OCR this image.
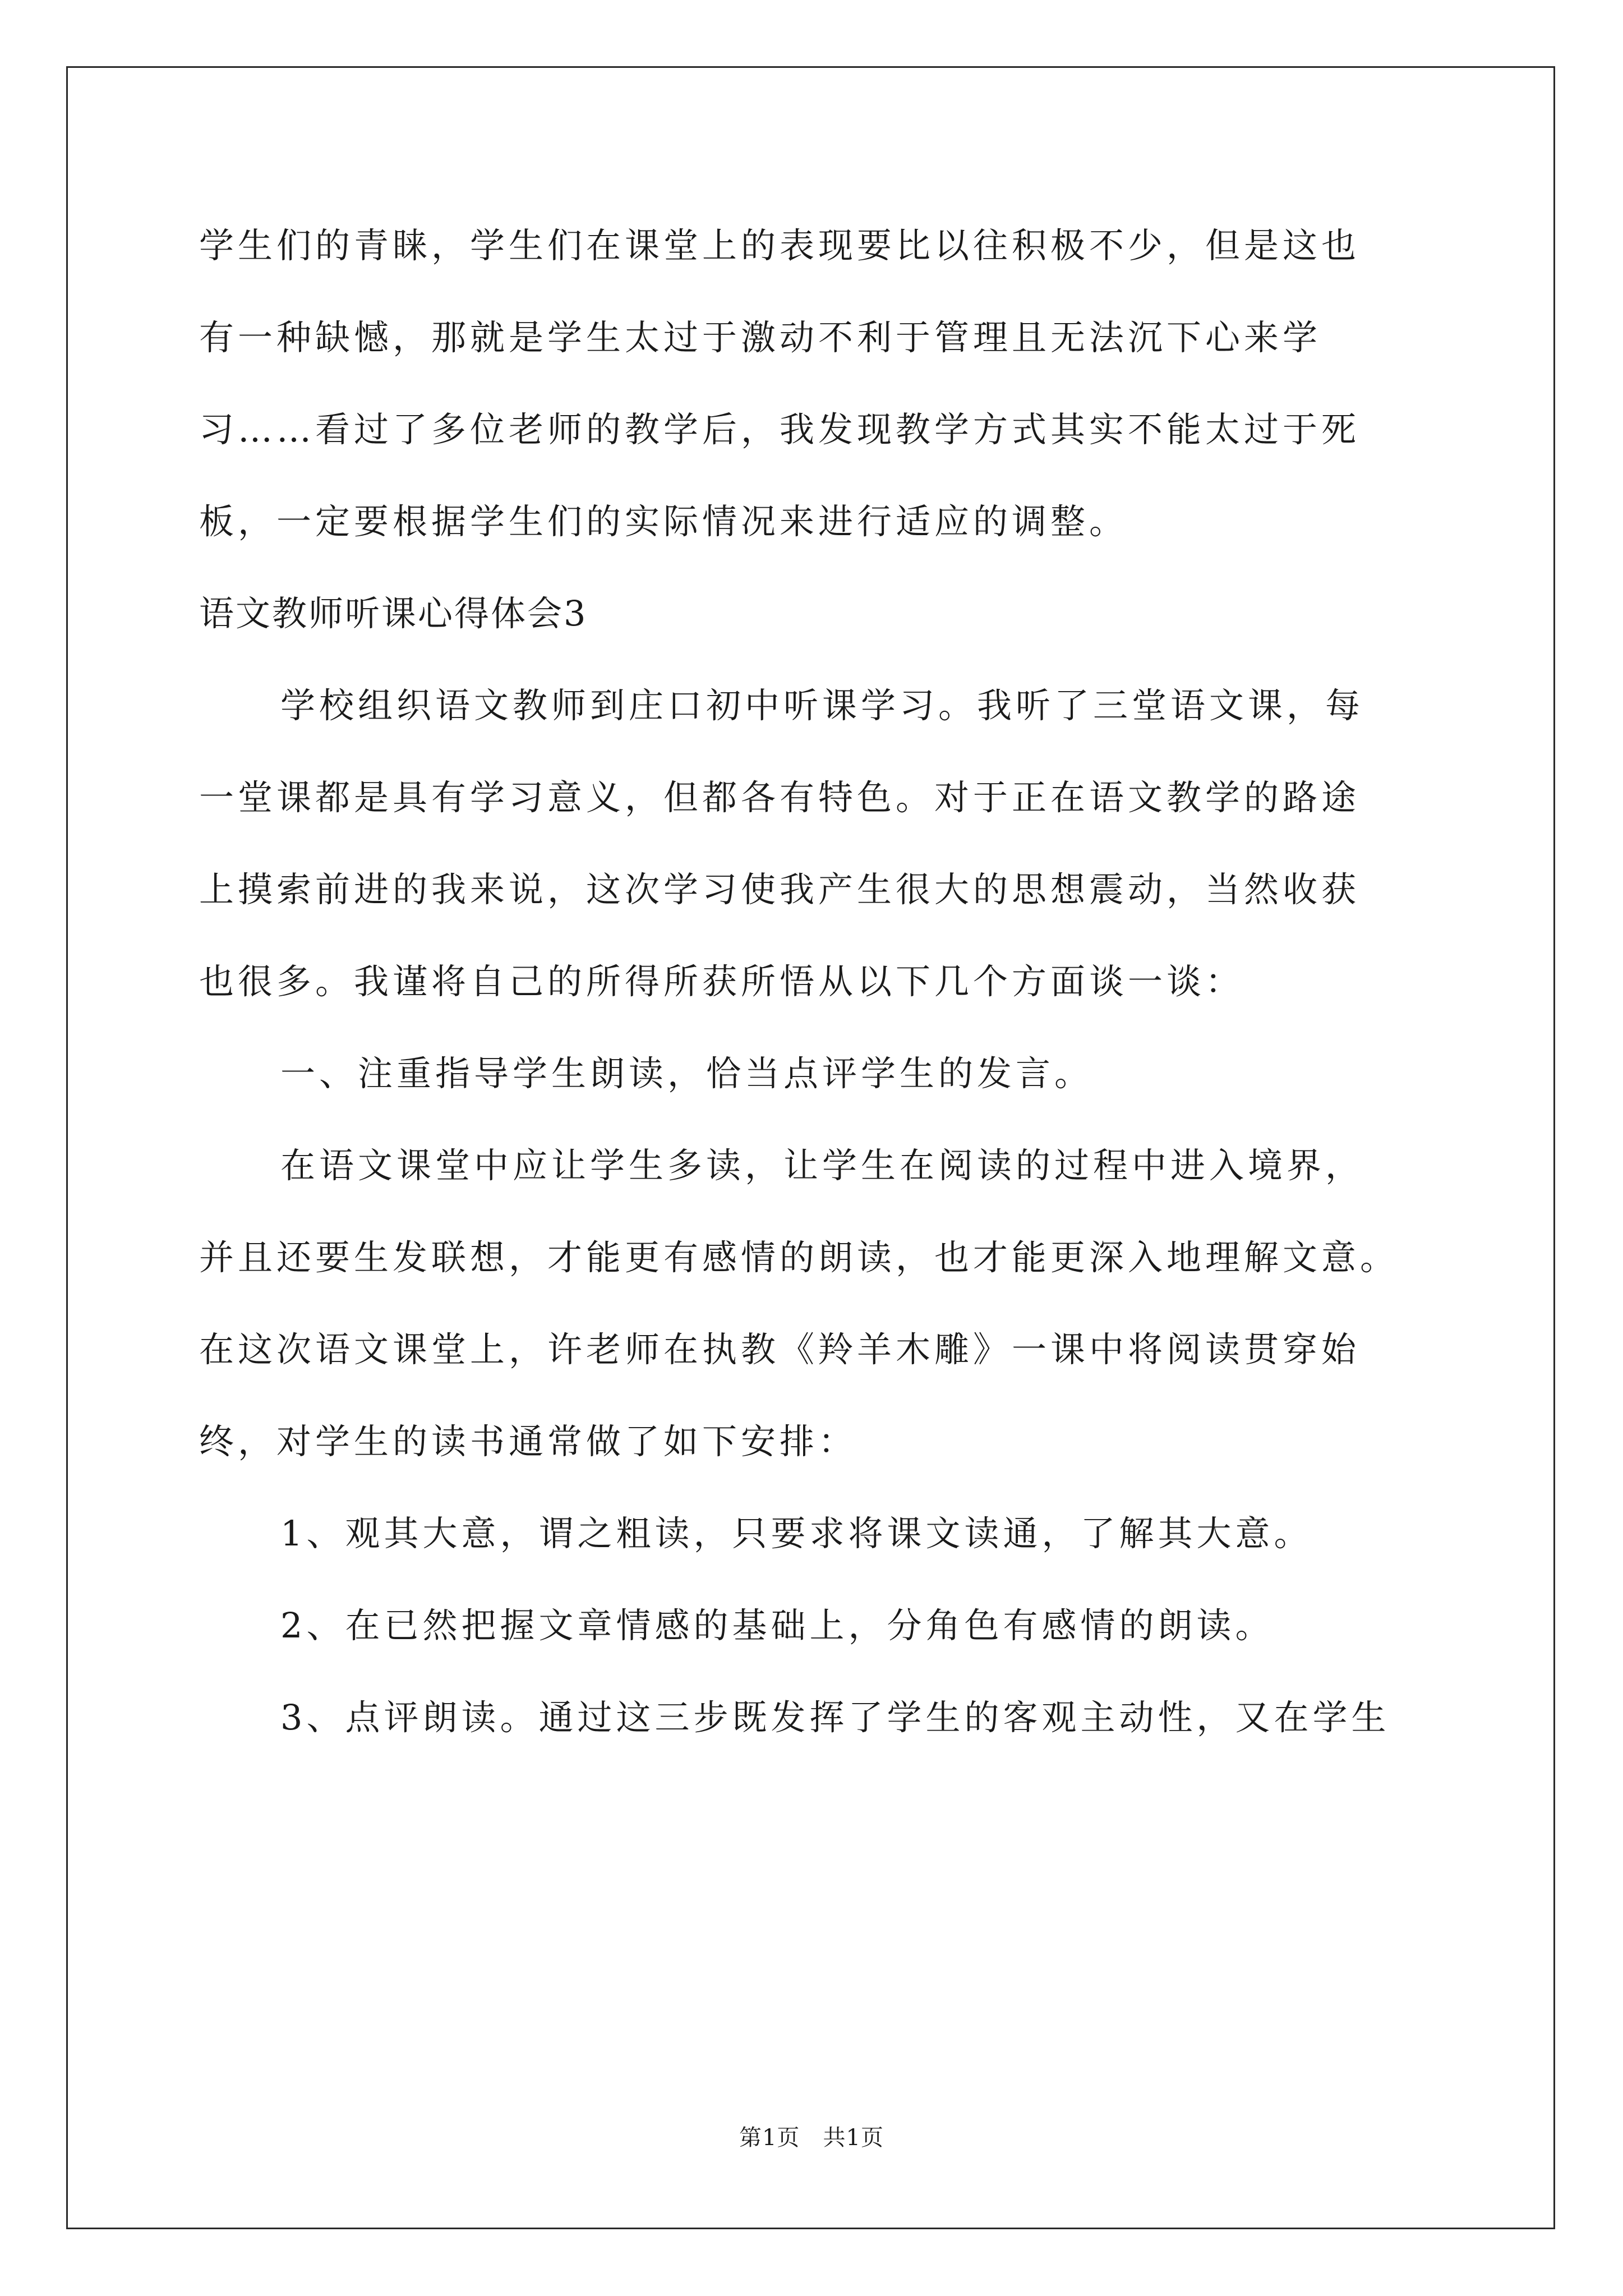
学生们的青睐，学生们在课堂上的表现要比以往积极不少，但是这也
有一种缺憾，那就是学生太过于激动不利于管理且无法沉下心来学
习……看过了多位老师的教学后，我发现教学方式其实不能太过于死
板，一定要根据学生们的实际情况来进行适应的调整。
语文教师听课心得体会3
学校组织语文教师到庄口初中听课学习。我听了三堂语文课，每
一堂课都是具有学习意义，但都各有特色。对于正在语文教学的路途
上摸索前进的我来说，这次学习使我产生很大的思想震动，当然收获
也很多。我谨将自己的所得所获所悟从以下几个方面谈一谈：
一、注重指导学生朗读，恰当点评学生的发言。
在语文课堂中应让学生多读，让学生在阅读的过程中进入境界，
并且还要生发联想，才能更有感情的朗读，也才能更深入地理解文意。
在这次语文课堂上，许老师在执教《羚羊木雕》一课中将阅读贯穿始
终，对学生的读书通常做了如下安排：
1、观其大意，谓之粗读，只要求将课文读通，了解其大意。
2、在已然把握文章情感的基础上，分角色有感情的朗读。
3、点评朗读。通过这三步既发挥了学生的客观主动性，又在学生
第1页   共1页
